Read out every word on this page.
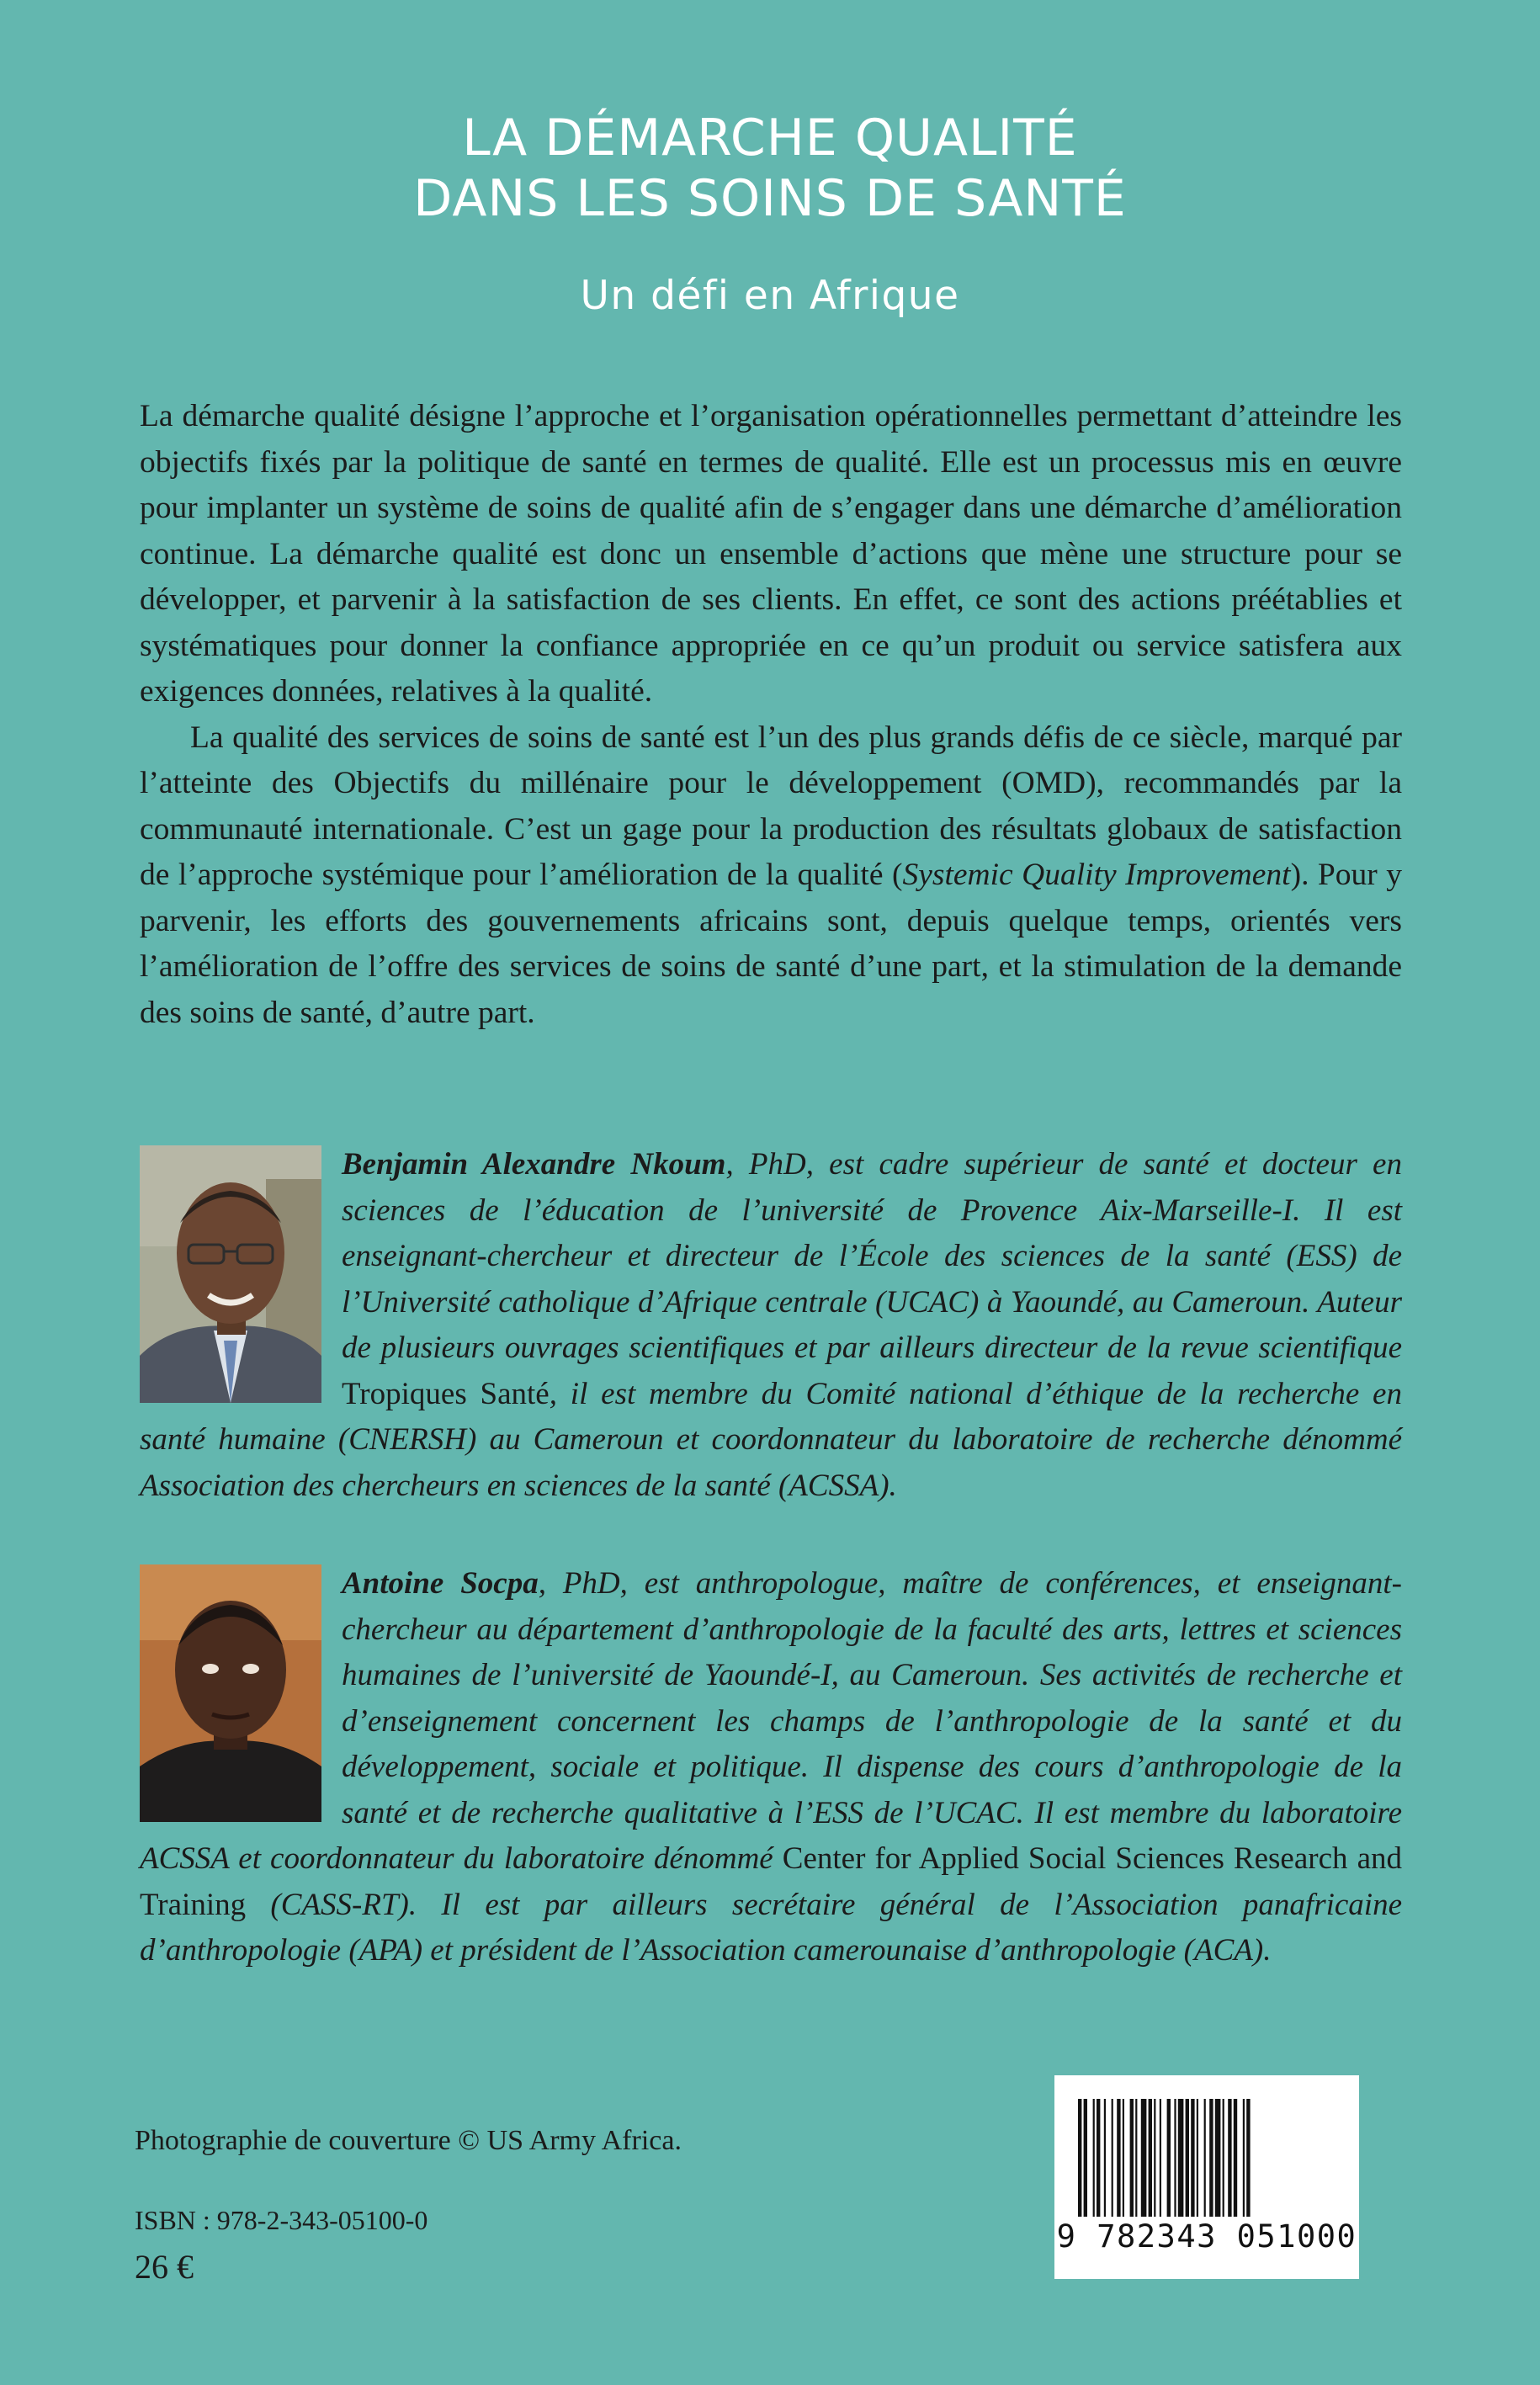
LA DÉMARCHE QUALITÉ
DANS LES SOINS DE SANTÉ
Un défi en Afrique

La démarche qualité désigne l’approche et l’organisation opérationnelles permettant d’atteindre les objectifs fixés par la politique de santé en termes de qualité. Elle est un processus mis en œuvre pour implanter un système de soins de qualité afin de s’engager dans une démarche d’amélioration continue. La démarche qualité est donc un ensemble d’actions que mène une structure pour se développer, et parvenir à la satisfaction de ses clients. En effet, ce sont des actions préétablies et systématiques pour donner la confiance appropriée en ce qu’un produit ou service satisfera aux exigences données, relatives à la qualité.

La qualité des services de soins de santé est l’un des plus grands défis de ce siècle, marqué par l’atteinte des Objectifs du millénaire pour le développement (OMD), recommandés par la communauté internationale. C’est un gage pour la production des résultats globaux de satisfaction de l’approche systémique pour l’amélioration de la qualité (Systemic Quality Improvement). Pour y parvenir, les efforts des gouvernements africains sont, depuis quelque temps, orientés vers l’amélioration de l’offre des services de soins de santé d’une part, et la stimulation de la demande des soins de santé, d’autre part.

Benjamin Alexandre Nkoum, PhD, est cadre supérieur de santé et docteur en sciences de l’éducation de l’université de Provence Aix-Marseille-I. Il est enseignant-chercheur et directeur de l’École des sciences de la santé (ESS) de l’Université catholique d’Afrique centrale (UCAC) à Yaoundé, au Cameroun. Auteur de plusieurs ouvrages scientifiques et par ailleurs directeur de la revue scientifique Tropiques Santé, il est membre du Comité national d’éthique de la recherche en santé humaine (CNERSH) au Cameroun et coordonnateur du laboratoire de recherche dénommé Association des chercheurs en sciences de la santé (ACSSA).
Antoine Socpa, PhD, est anthropologue, maître de conférences, et enseignant-chercheur au département d’anthropologie de la faculté des arts, lettres et sciences humaines de l’université de Yaoundé-I, au Cameroun. Ses activités de recherche et d’enseignement concernent les champs de l’anthropologie de la santé et du développement, sociale et politique. Il dispense des cours d’anthropologie de la santé et de recherche qualitative à l’ESS de l’UCAC. Il est membre du laboratoire ACSSA et coordonnateur du laboratoire dénommé Center for Applied Social Sciences Research and Training (CASS-RT). Il est par ailleurs secrétaire général de l’Association panafricaine d’anthropologie (APA) et président de l’Association camerounaise d’anthropologie (ACA).
Photographie de couverture © US Army Africa.
ISBN : 978-2-343-05100-0
26 €
9 782343 051000
